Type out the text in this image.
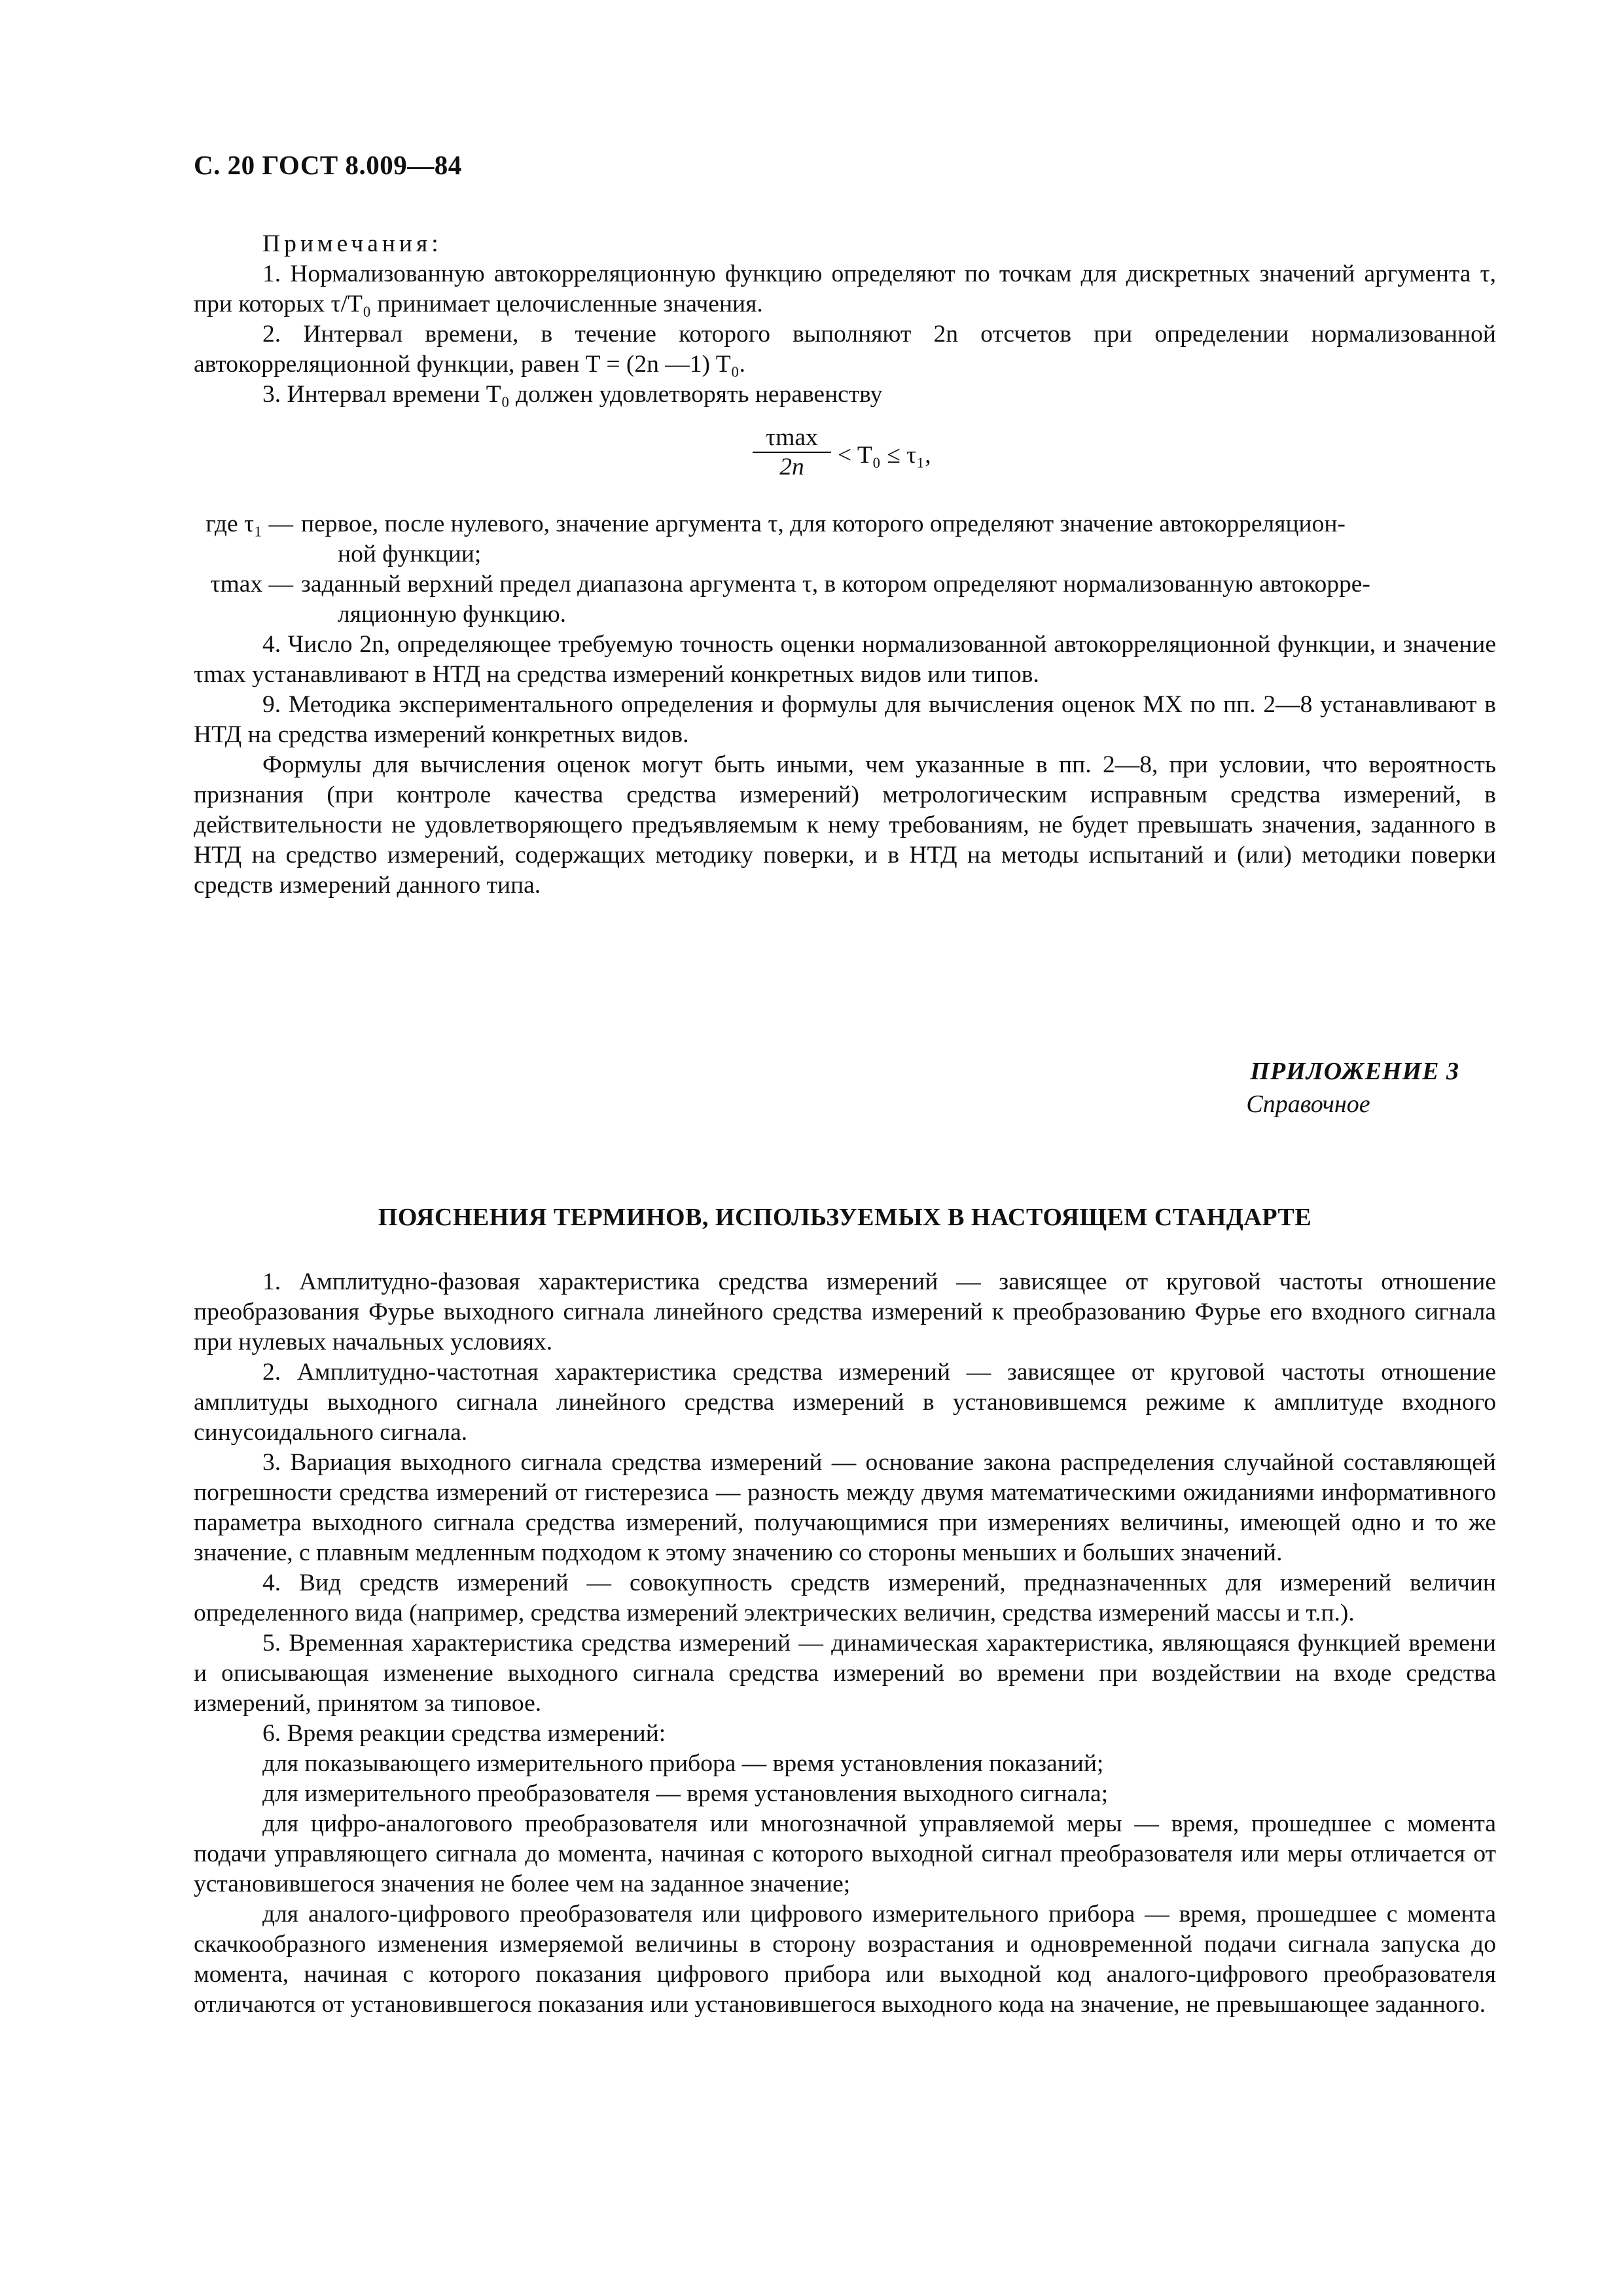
С. 20 ГОСТ 8.009—84

Примечания:

1. Нормализованную автокорреляционную функцию определяют по точкам для дискретных значений аргумента τ, при которых τ/T₀ принимает целочисленные значения.

2. Интервал времени, в течение которого выполняют 2n отсчетов при определении нормализованной автокорреляционной функции, равен T = (2n —1) T₀.

3. Интервал времени T₀ должен удовлетворять неравенству

τmax
2n	< T₀ ≤ τ₁,
где τ₁ — первое, после нулевого, значение аргумента τ, для которого определяют значение автокорреляцион-
ной функции;
τmax — заданный верхний предел диапазона аргумента τ, в котором определяют нормализованную автокорре-
ляционную функцию.

4. Число 2n, определяющее требуемую точность оценки нормализованной автокорреляционной функции, и значение τmax устанавливают в НТД на средства измерений конкретных видов или типов.

9. Методика экспериментального определения и формулы для вычисления оценок МХ по пп. 2—8 устанавливают в НТД на средства измерений конкретных видов.

Формулы для вычисления оценок могут быть иными, чем указанные в пп. 2—8, при условии, что вероятность признания (при контроле качества средства измерений) метрологическим исправным средства измерений, в действительности не удовлетворяющего предъявляемым к нему требованиям, не будет превышать значения, заданного в НТД на средство измерений, содержащих методику поверки, и в НТД на методы испытаний и (или) методики поверки средств измерений данного типа.

ПРИЛОЖЕНИЕ 3
Справочное
ПОЯСНЕНИЯ ТЕРМИНОВ, ИСПОЛЬЗУЕМЫХ В НАСТОЯЩЕМ СТАНДАРТЕ

1. Амплитудно-фазовая характеристика средства измерений — зависящее от круговой частоты отношение преобразования Фурье выходного сигнала линейного средства измерений к преобразованию Фурье его входного сигнала при нулевых начальных условиях.

2. Амплитудно-частотная характеристика средства измерений — зависящее от круговой частоты отношение амплитуды выходного сигнала линейного средства измерений в установившемся режиме к амплитуде входного синусоидального сигнала.

3. Вариация выходного сигнала средства измерений — основание закона распределения случайной составляющей погрешности средства измерений от гистерезиса — разность между двумя математическими ожиданиями информативного параметра выходного сигнала средства измерений, получающимися при измерениях величины, имеющей одно и то же значение, с плавным медленным подходом к этому значению со стороны меньших и больших значений.

4. Вид средств измерений — совокупность средств измерений, предназначенных для измерений величин определенного вида (например, средства измерений электрических величин, средства измерений массы и т.п.).

5. Временная характеристика средства измерений — динамическая характеристика, являющаяся функцией времени и описывающая изменение выходного сигнала средства измерений во времени при воздействии на входе средства измерений, принятом за типовое.

6. Время реакции средства измерений:

для показывающего измерительного прибора — время установления показаний;

для измерительного преобразователя — время установления выходного сигнала;

для цифро-аналогового преобразователя или многозначной управляемой меры — время, прошедшее с момента подачи управляющего сигнала до момента, начиная с которого выходной сигнал преобразователя или меры отличается от установившегося значения не более чем на заданное значение;

для аналого-цифрового преобразователя или цифрового измерительного прибора — время, прошедшее с момента скачкообразного изменения измеряемой величины в сторону возрастания и одновременной подачи сигнала запуска до момента, начиная с которого показания цифрового прибора или выходной код аналого-цифрового преобразователя отличаются от установившегося показания или установившегося выходного кода на значение, не превышающее заданного.
